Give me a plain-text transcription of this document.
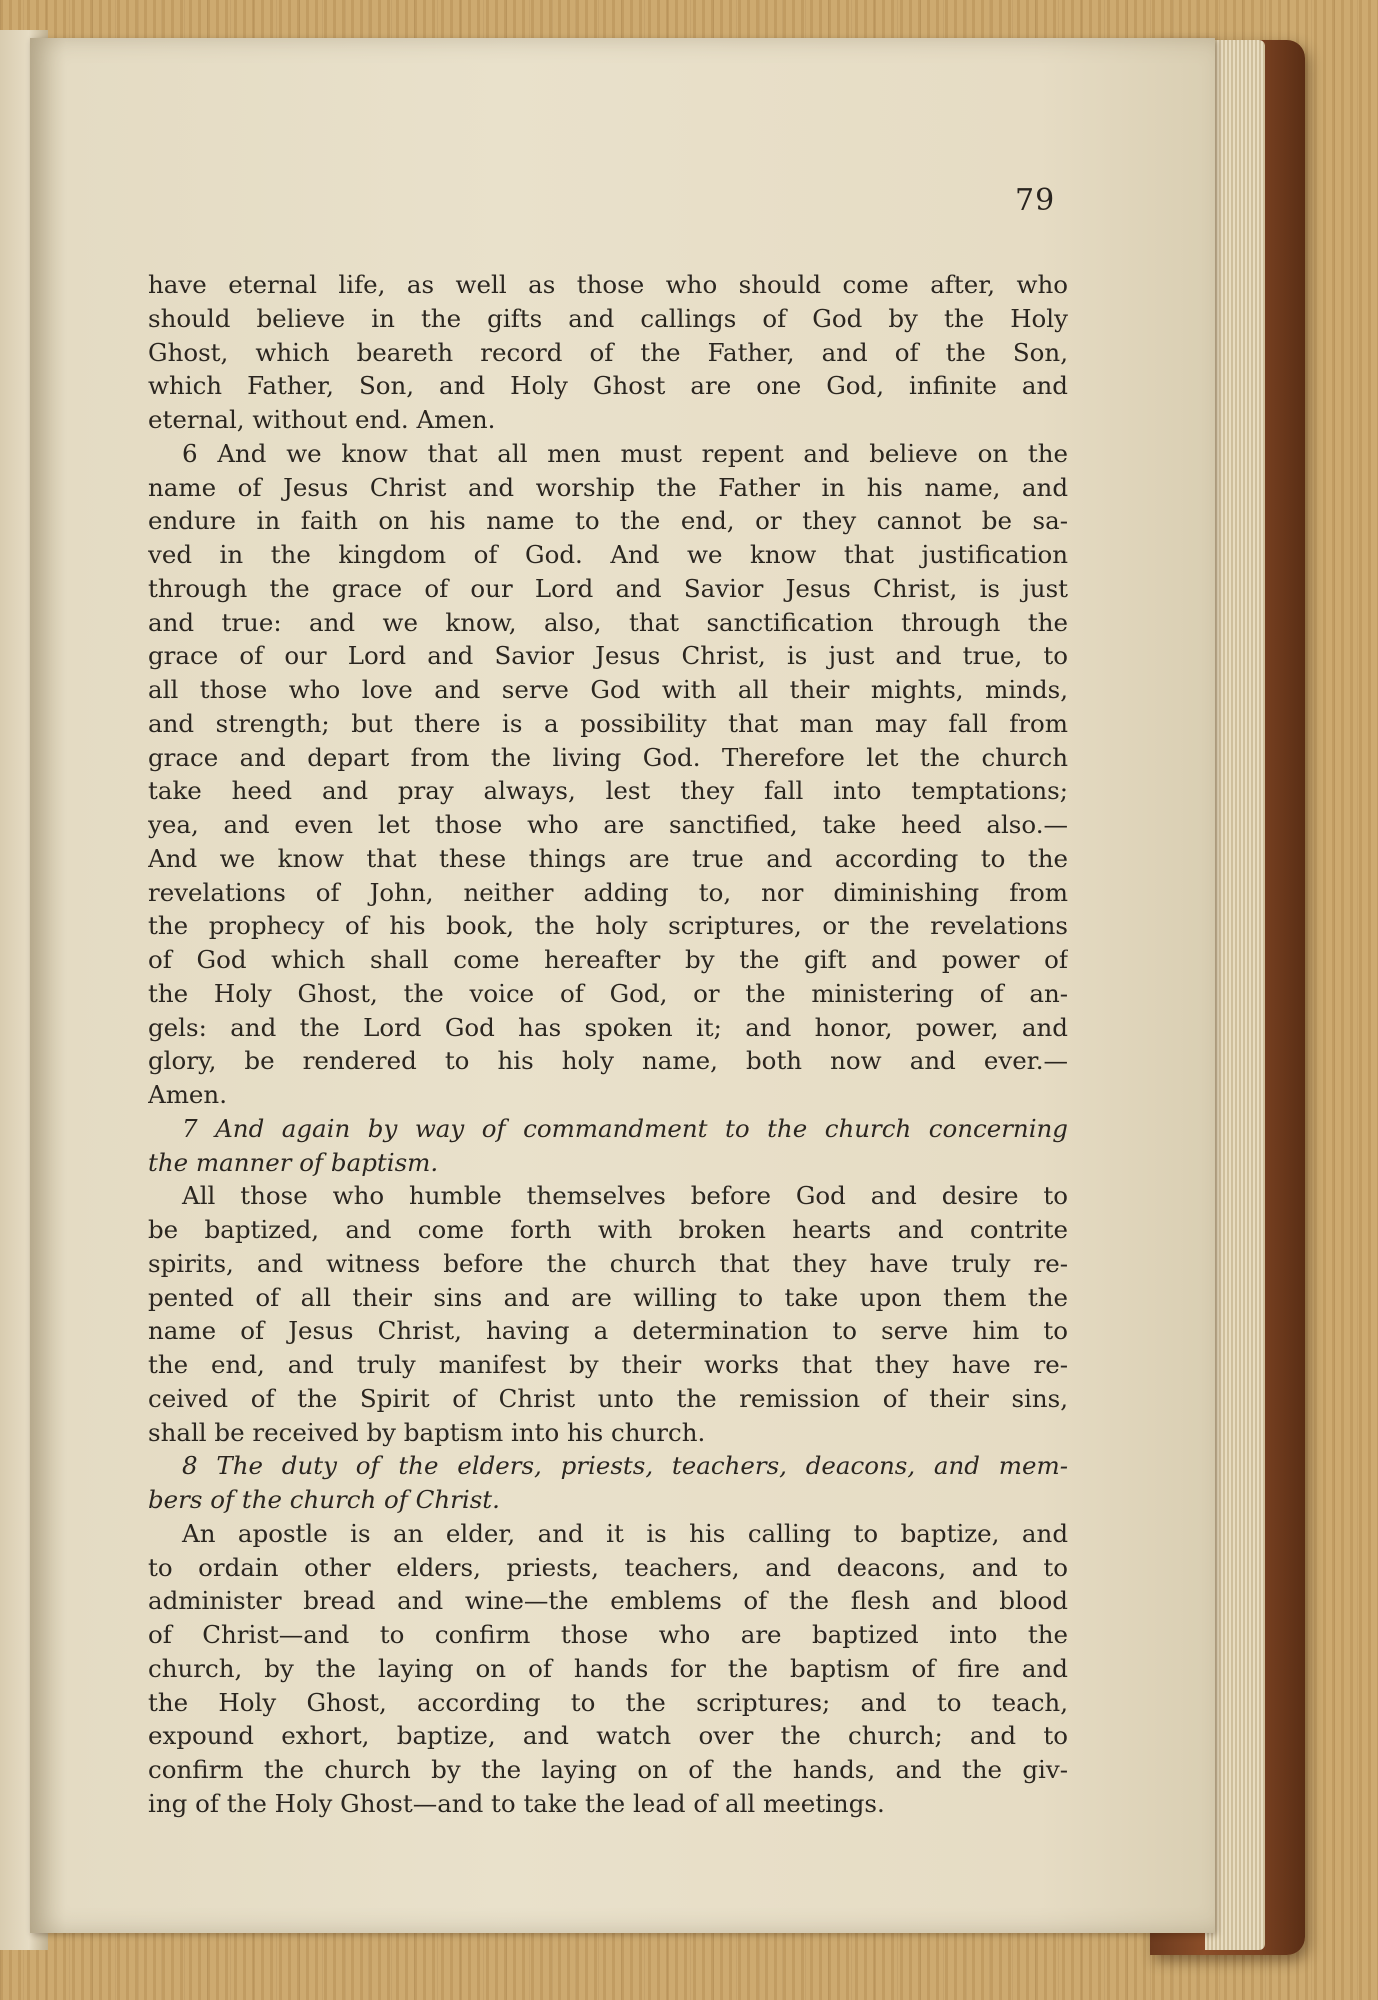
79
have eternal life, as well as those who should come after, who
should believe in the gifts and callings of God by the Holy
Ghost, which beareth record of the Father, and of the Son,
which Father, Son, and Holy Ghost are one God, infinite and
eternal, without end. Amen.
6 And we know that all men must repent and believe on the
name of Jesus Christ and worship the Father in his name, and
endure in faith on his name to the end, or they cannot be sa-
ved in the kingdom of God. And we know that justification
through the grace of our Lord and Savior Jesus Christ, is just
and true: and we know, also, that sanctification through the
grace of our Lord and Savior Jesus Christ, is just and true, to
all those who love and serve God with all their mights, minds,
and strength; but there is a possibility that man may fall from
grace and depart from the living God. Therefore let the church
take heed and pray always, lest they fall into temptations;
yea, and even let those who are sanctified, take heed also.—
And we know that these things are true and according to the
revelations of John, neither adding to, nor diminishing from
the prophecy of his book, the holy scriptures, or the revelations
of God which shall come hereafter by the gift and power of
the Holy Ghost, the voice of God, or the ministering of an-
gels: and the Lord God has spoken it; and honor, power, and
glory, be rendered to his holy name, both now and ever.—
Amen.
7 And again by way of commandment to the church concerning
the manner of baptism.
All those who humble themselves before God and desire to
be baptized, and come forth with broken hearts and contrite
spirits, and witness before the church that they have truly re-
pented of all their sins and are willing to take upon them the
name of Jesus Christ, having a determination to serve him to
the end, and truly manifest by their works that they have re-
ceived of the Spirit of Christ unto the remission of their sins,
shall be received by baptism into his church.
8 The duty of the elders, priests, teachers, deacons, and mem-
bers of the church of Christ.
An apostle is an elder, and it is his calling to baptize, and
to ordain other elders, priests, teachers, and deacons, and to
administer bread and wine—the emblems of the flesh and blood
of Christ—and to confirm those who are baptized into the
church, by the laying on of hands for the baptism of fire and
the Holy Ghost, according to the scriptures; and to teach,
expound exhort, baptize, and watch over the church; and to
confirm the church by the laying on of the hands, and the giv-
ing of the Holy Ghost—and to take the lead of all meetings.
